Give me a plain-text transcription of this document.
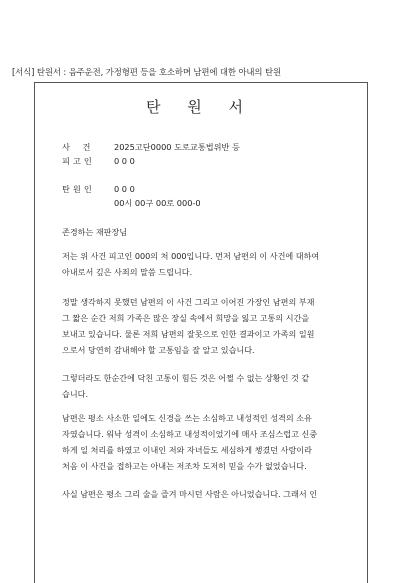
[서식] 탄원서 : 음주운전, 가정형편 등을 호소하며 남편에 대한 아내의 탄원
탄 원 서
사 건 2025고단0000 도로교통법위반 등
피고인 0 0 0
탄원인 0 0 0
00시 00구 00로 000-0
존경하는 재판장님
저는 위 사건 피고인 000의 처 000입니다. 먼저 남편의 이 사건에 대하여
아내로서 깊은 사죄의 말씀 드립니다.
정말 생각하지 못했던 남편의 이 사건 그리고 이어진 가장인 남편의 부재
그 짧은 순간 저희 가족은 많은 장실 속에서 희망을 잃고 고통의 시간을
보내고 있습니다. 물론 저희 남편의 잘못으로 인한 결과이고 가족의 일원
으로서 당연히 감내해야 할 고통임을 잘 알고 있습니다.
그렇더라도 한순간에 닥친 고통이 힘든 것은 어쩔 수 없는 상황인 것 같
습니다.
남편은 평소 사소한 일에도 신경을 쓰는 소심하고 내성적인 성격의 소유
자였습니다. 워낙 성격이 소심하고 내성적이었기에 매사 조심스럽고 신중
하게 일 처리를 하였고 이내인 저와 자녀들도 세심하게 챙겼던 사람이라
처음 이 사건을 접하고는 아내는 저조차 도저히 믿을 수가 없었습니다.
사실 남편은 평소 그리 술을 즐겨 마시던 사람은 아니었습니다. 그래서 인
